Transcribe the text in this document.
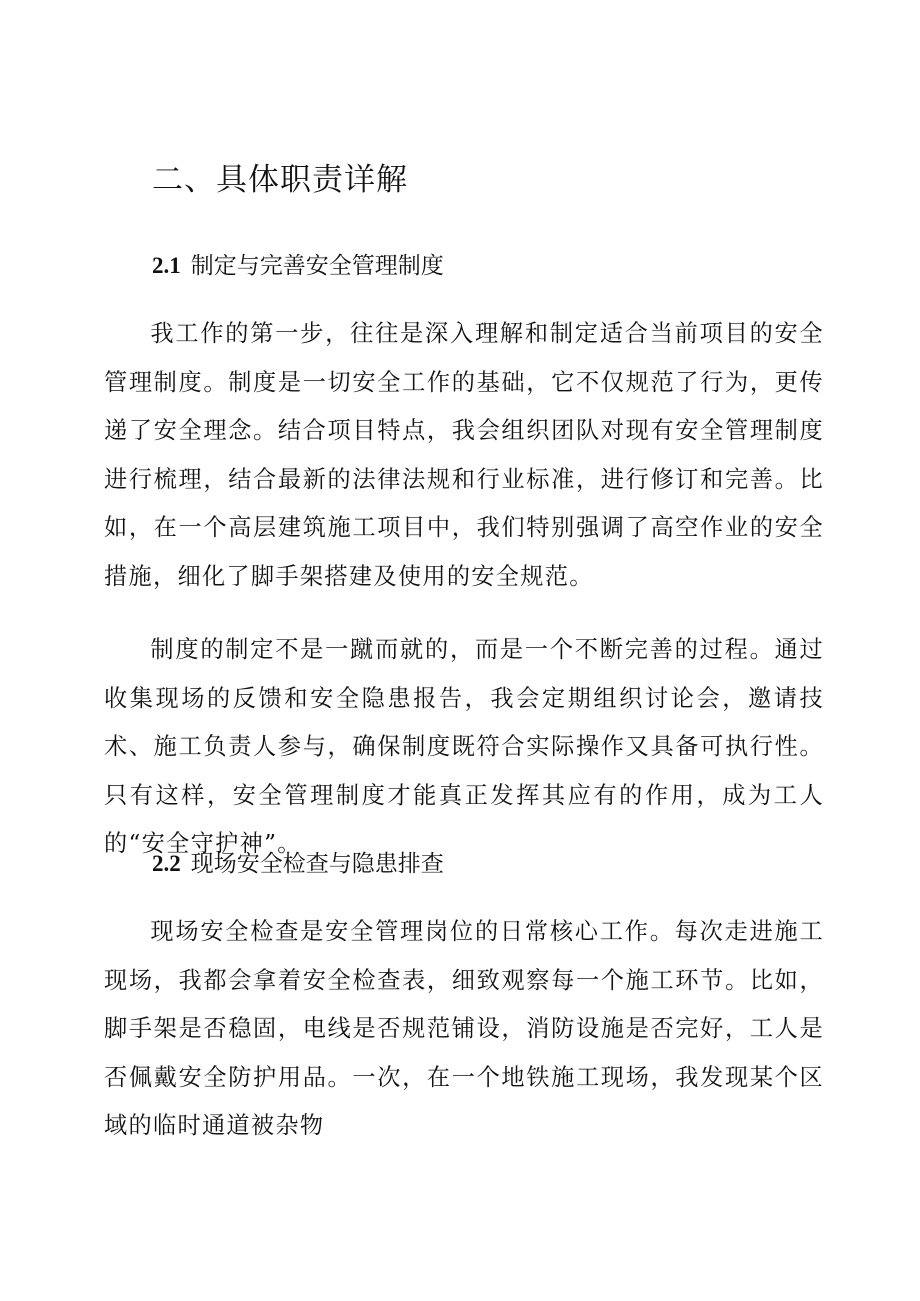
二、具体职责详解
2.1 制定与完善安全管理制度

我工作的第一步，往往是深入理解和制定适合当前项目的安全管理制度。制度是一切安全工作的基础，它不仅规范了行为，更传递了安全理念。结合项目特点，我会组织团队对现有安全管理制度进行梳理，结合最新的法律法规和行业标准，进行修订和完善。比如，在一个高层建筑施工项目中，我们特别强调了高空作业的安全措施，细化了脚手架搭建及使用的安全规范。

制度的制定不是一蹴而就的，而是一个不断完善的过程。通过收集现场的反馈和安全隐患报告，我会定期组织讨论会，邀请技术、施工负责人参与，确保制度既符合实际操作又具备可执行性。只有这样，安全管理制度才能真正发挥其应有的作用，成为工人的“安全守护神”。

2.2 现场安全检查与隐患排查

现场安全检查是安全管理岗位的日常核心工作。每次走进施工现场，我都会拿着安全检查表，细致观察每一个施工环节。比如，脚手架是否稳固，电线是否规范铺设，消防设施是否完好，工人是否佩戴安全防护用品。一次，在一个地铁施工现场，我发现某个区域的临时通道被杂物
